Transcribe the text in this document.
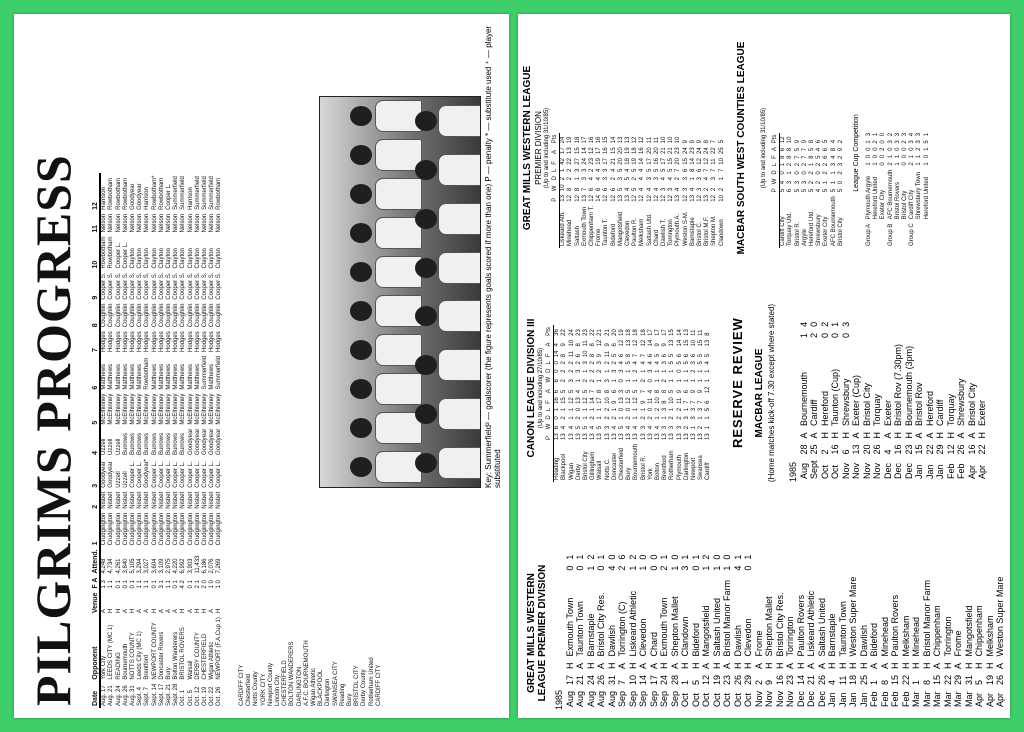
PILGRIMS PROGRESS Date	Opponent	Venue	F A	Attend.	1	2	3	4	5	6	7	8	9	10	11	12
Aug. 17	York City	A	1 3	4,248	Crudgington	Nisbet	Goodyear	Uzzell	McElhinney	Matthews	Hodges	Coughlin	Cooper S.	Rowbotham	Nelson	Harrison
Aug. 21	LEEDS CITY (MC 1)	H	1 1	4,734	Crudgington	Nisbet	Goodyear	Uzzell	McElhinney	Matthews	Hodges	Coughlin	Cooper S.	Rowbotham	Nelson	Rowbotham
Aug. 24	READING	H	0 1	4,261	Crudgington	Nisbet	Uzzell	Uzzell	McElhinney	Matthews	Hodges	Coughlin	Cooper S.	Cooper L.	Nelson	Rowbotham
Aug. 26	Bournemouth	A	0 1	3,840	Crudgington	Nisbet	Uzzell	Burrows	McElhinney	Matthews	Hodges	Coughlin	Cooper S.	Cooper L.	Nelson	Rowbotham
Aug. 31	NOTTS COUNTY	H	0 1	5,105	Crudgington	Nisbet	Cooper L.	Burrows	McElhinney	Matthews	Hodges	Coughlin	Cooper S.	Clayton	Nelson	Goodyear
Sept. 4	Leeds City (MC 1)	A	1 1	3,294	Crudgington	Nisbet	Cooper L.	Burrows	McElhinney	Matthews	Hodges	Coughlin	Cooper S.	Clayton	Nelson	Goodyear
Sept. 7	Brentford	A	1 1	3,027	Crudgington	Nisbet	Goodyear*	Burrows	McElhinney	Rowbotham	Hodges	Coughlin	Cooper S.	Clayton	Nelson	Harrison
Sept. 14	NEWPORT COUNTY	H	0 1	3,604	Crudgington	Nisbet	Cooper L.	Burrows	McElhinney	Matthews	Hodges	Coughlin	Cooper S.	Clayton	Nelson	Rowbotham*
Sept. 17	Doncaster Rovers	A	3 1	3,109	Crudgington	Nisbet	Cooper L.	Burrows	McElhinney	Matthews	Hodges	Coughlin	Cooper S.	Clayton	Nelson	Rowbotham
Sept. 21	Bury	A	1 1	2,975	Crudgington	Nisbet	Cooper L.	Burrows	McElhinney	Matthews	Hodges	Coughlin	Cooper S.	Clayton	Nelson	Cooper L.
Sept. 28	Bolton Wanderers	A	0 1	4,220	Crudgington	Nisbet	Cooper L.	Burrows	McElhinney	Matthews	Hodges	Coughlin	Cooper S.	Clayton	Nelson	Summerfield
Oct. 1	BRISTOL ROVERS	H	4 2	6,992	Crudgington	Nisbet	Cooper L.	Burrows	McElhinney	Matthews	Hodges	Coughlin	Cooper S.	Clayton	Nelson	Summerfield
Oct. 5	Walsall	A	0 1	3,903	Crudgington	Nisbet	Cooper L.	Goodyear	McElhinney	Matthews	Hodges	Coughlin	Cooper S.	Clayton	Nelson	Harrison
Oct. 12	DERBY COUNTY	H	2 1	11,433	Crudgington	Nisbet	Cooper L.	Goodyear	McElhinney	Matthews	Hodges	Coughlin	Cooper S.	Clayton	Nelson	Summerfield
Oct. 19	CHESTERFIELD	H	2 0	6,186	Crudgington	Nisbet	Cooper L.	Goodyear	McElhinney	Summerfield	Hodges	Coughlin	Cooper S.	Clayton	Nelson	Summerfield
Oct. 22	Wigan Athletic	A	1 0	2,076	Crudgington	Nisbet	Cooper L.	Goodyear	McElhinney	Matthews	Hodges	Coughlin	Cooper S.	Clayton	Nelson	Summerfield
Oct. 26	NEWPORT (F.A.Cup 1)	H	1 0	7,269	Crudgington	Nisbet	Cooper L.	Goodyear	McElhinney	Summerfield	Hodges	Coughlin	Cooper S.	Clayton	Nelson	Rowbotham
CARDIFF CITY
Chesterfield
Notts County
YORK CITY
Newport County
Lincoln City
CHESTERFIELD
BOLTON WANDERERS
DARLINGTON
A.F.C. BOURNEMOUTH
Wigan Athletic
BLACKPOOL
Darlington
SWANSEA CITY
Reading
Bury
BRISTOL CITY
Derby County
Rotherham United
CARDIFF CITY
Key: Summerfield² — goalscorer (the figure represents goals scored if more than one) P — penalty * — substitute used ⁺ — player substituted
GREAT MILLS WESTERN LEAGUE PREMIER DIVISION 1985 Aug	17	H	Exmouth Town	0	1
Aug	21	A	Taunton Town	0	1
Aug	24	H	Barnstaple	1	2
Aug	26	A	Bristol City Res.	0	1
Aug	31	H	Dawlish	4	0
Sep	7	A	Torrington (C)	2	6
Sep	10	H	Liskeard Athletic	1	2
Sep	14	A	Clevedon	1	0
Sep	17	A	Chard	0	0
Sep	24	H	Exmouth Town	2	1
Sep	28	A	Shepton Mallet	1	0
Oct	1	H	Clandown	3	1
Oct	5	H	Bideford	0	1
Oct	12	A	Mangotsfield	1	2
Oct	19	H	Saltash United	1	0
Oct	23	A	Bristol Manor Farm	1	0
Oct	26	H	Dawlish	4	1
Oct	29	H	Clevedon	0	1
Nov	2	A	Frome		
Nov	9	H	Shepton Mallet		
Nov	16	H	Bristol City Res.		
Nov	23	A	Torrington		
Dec	14	H	Paulton Rovers		
Dec	21	A	Liskeard Athletic		
Dec	26	A	Saltash United		
Jan	4	H	Barnstaple		
Jan	11	H	Taunton Town		
Jan	18	H	Weston Super Mare		
Jan	25	H	Dawlish		
Feb	1	A	Bideford		
Feb	8	A	Minehead		
Feb	15	H	Paulton Rovers		
Feb	22	H	Melksham		
Mar	1	H	Minehead		
Mar	8	H	Bristol Manor Farm		
Mar	15	A	Chippenham		
Mar	22	H	Torrington		
Mar	29	A	Frome		
Mar	31	H	Mangotsfield		
Apr	5	H	Chippenham		
Apr	19	H	Melksham		
Apr	26	A	Weston Super Mare		
CANON LEAGUE DIVISION III (Up to and including 27/10/85)
	P	W	D	L	F	A	W	D	L	F	A	Pts
Reading	13	6	0	1	16	6	6	0	0	14	4	36
Blackpool	13	4	2	1	15	5	2	2	2	8	9	22
Wigan	13	4	1	1	12	5	3	2	2	11	10	24
Derby	13	5	2	0	13	4	1	3	2	6	8	23
Bristol City	13	5	1	1	12	5	2	1	3	10	11	23
Gillingham	13	4	2	1	14	7	2	2	2	8	8	22
Walsall	13	5	1	1	17	8	1	2	3	9	12	21
Notts C.	13	3	2	2	10	8	3	1	2	11	9	21
Doncaster	13	4	2	1	9	6	1	3	2	5	6	20
Chesterfield	13	5	1	0	13	3	0	3	4	6	12	19
Bury	13	4	2	0	12	5	1	1	5	8	13	18
Bournemouth	13	4	1	1	12	5	1	2	4	7	12	18
Bristol R.	13	3	2	1	9	7	2	1	4	7	12	18
York	13	4	2	0	11	4	0	3	4	6	14	17
Bolton	13	4	1	2	10	8	1	1	4	5	9	17
Brentford	13	3	1	3	8	8	2	1	3	6	9	17
Rotherham	13	3	2	1	10	5	1	1	5	5	13	15
Plymouth	13	3	2	2	11	9	1	0	5	6	14	14
Darlington	13	2	3	1	7	6	1	1	5	6	15	13
Newport	13	1	3	3	7	9	1	2	3	6	10	11
Swansea	13	2	1	3	7	9	1	1	5	5	15	11
Cardiff	13	1	1	5	6	12	1	1	4	5	13	8 RESERVE REVIEW MACBAR LEAGUE (Home matches kick-off 7.30 except where stated) 1985 Aug	28	A	Bournemouth	1	4
Sept	25	A	Cardiff	2	0
Oct	2	H	Hereford	0	2
Oct	16	H	Taunton (Cup)	0	1
Nov	6	H	Shrewsbury	0	3
Nov	13	A	Exeter (Cup)		
Nov	20	H	Bristol City		
Nov	26	H	Torquay		
Dec	4	A	Exeter		
Dec	16	H	Bristol Rov (7.30pm)		
Dec	23	H	Bournemouth (3pm)		
Jan	15	A	Bristol Rov		
Jan	22	A	Hereford		
Jan	29	H	Cardiff		
Feb	12	H	Torquay		
Feb	26	A	Shrewsbury		
Apr	16	A	Bristol City		
Apr	22	H	Exeter		
GREAT MILLS WESTERN LEAGUE PREMIER DIVISION (Up to and including 31/10/85)
	P	W	D	L	F	A	Pts
Liskeard Ath.	13	10	2	1	42	17	24
Minehead	12	8	2	2	22	13	19
Saltash	12	8	1	3	27	15	18
Exmouth Town	13	7	3	3	24	14	17
Chippenham T.	12	6	4	2	23	12	16
Frome	14	6	4	4	19	17	16
Taunton T.	12	6	3	3	17	16	15
Bideford	12	6	2	4	21	15	14
Mangotsfield	13	5	3	5	20	20	13
Clevedon	13	4	5	4	18	19	13
Paulton R.	12	5	2	5	19	18	12
Melksham	12	4	4	4	14	16	12
Saltash Utd.	12	4	3	5	17	20	11
Chard	12	4	3	5	16	20	11
Dawlish T.	12	3	4	5	17	21	10
Torrington	12	3	4	5	15	21	10
Plymouth A.	13	4	2	7	20	23	10
Weston S-M.	12	3	3	6	15	24	9
Barnstaple	13	4	1	8	14	23	9
Bristol C.	12	3	3	6	12	24	9
Bristol M.F.	13	2	4	7	12	24	8
Shepton M.	12	2	3	7	11	22	7
Clandown	10	2	1	7	10	25	5 MACBAR SOUTH WEST COUNTIES LEAGUE (Up to and including 31/10/85)
	P	W	D	L	F	A	Pts
Cardiff City	5	4	0	1	8	6	12
Torquay Utd.	6	3	1	2	8	8	10
Bristol R.	5	3	0	2	7	5	9
Argyle	5	3	0	2	7	7	9
Hereford Utd.	5	2	2	1	8	5	8
Shrewsbury	4	2	0	2	5	4	6
Exeter City	5	1	2	2	6	6	5
AFC Bournemouth	5	1	1	3	4	8	4
Bristol City	5	0	2	3	2	9	2 League Cup Competition
Group A	Plymouth Argyle	1	0	0	1	3
	Hereford United	1	0	0	2	1
	Exeter City	0	0	2	0	0
Group B	AFC Bournemouth	2	1	0	3	2
	Bristol Rovers	1	1	0	3	3
	Bristol City	0	0	0	2	3
Group C	Cardiff City	2	1	0	3	4
	Shrewsbury Town	1	1	2	3	3
	Hereford United	1	0	1	5	1
